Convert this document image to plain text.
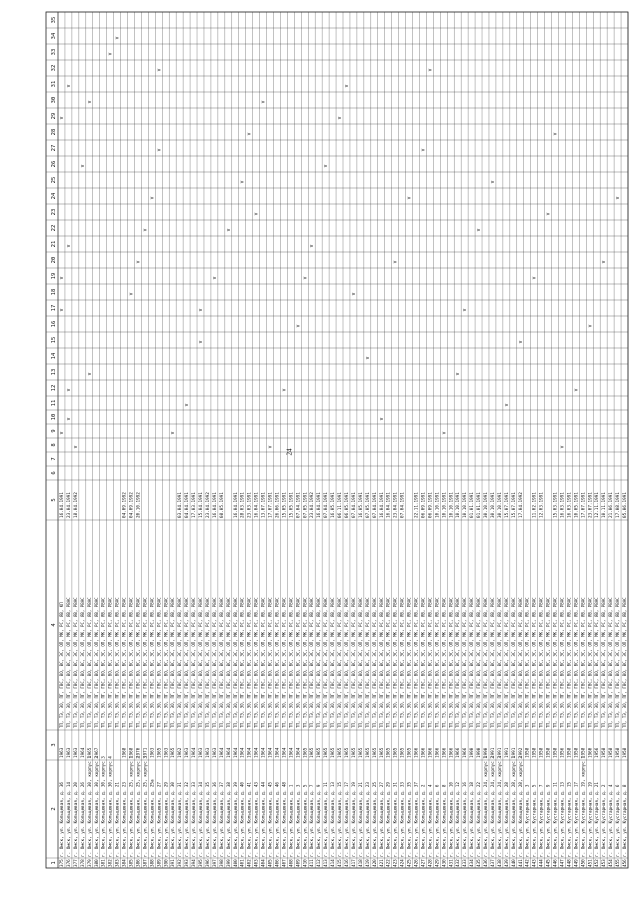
24
35
34
33
32
31
30
29
28
27
26
25
24
23
22
21
20
19
18
17
16
15
14
13
12
11
10
9
8
7
6
5
4
3
2
1 375
г. Омск, ул. Кольцевая, д. 3б
1963
ТП, ТЭ, ЭО, ПГ, ГВС, ВО, ВС, ЭС, ОП, МК, РС, ЯВ, КП
16.04.1991
376
г. Омск, ул. Кольцевая, д. 14
1963
ТП, ТЭ, ЭО, ПГ, ГВС, ВО, ВС, ЭС, ОП, МК, РС, ЯВ, РВАС
23.04.1991
377
г. Омск, ул. Кольцевая, д. 20
1963
ТП, ТЭ, ЭО, ПГ, ГВС, ВО, ВС, ЭС, ОП, МК, РС, ЯВ, РВАС
18.04.1992
378
г. Омск, ул. Кольцевая, д. 26
1964
ТП, ТЭ, ЭО, ПГ, ГВС, ВО, ВС, ЭС, ОП, МК, РС, ЯВ, РВАС
379
г. Омск, ул. Кольцевая, д. 30, корпус 1
1965
ТП, ТЭ, ЭО, ПГ, ГВС, ВО, ВС, ЭС, ОП, МК, РС, ЯВ, РВАС
380
г. Омск, ул. Кольцевая, д. 30, корпус 2
1967
ТП, ТЭ, ЭО, ПГ, ГВС, ВО, ВС, ЭС, ОП, МК, РС, ЯВ, РВАС
381
г. Омск, ул. Кольцевая, д. 30, корпус 3
ТП, ТЭ, ЭО, ПГ, ГВС, ВО, ВС, ЭС, ОП, МК, РС, ЯВ, РВАС
382
г. Омск, ул. Кольцевая, д. 30, корпус 4
ТП, ТЭ, ЭО, ПГ, ГВС, ВО, ВС, ЭС, ОП, МК, РС, ЯВ, РВАС
383
г. Омск, ул. Кольцевая, д. 21
ТП, ТЭ, ЭО, ПГ, ГВС, ВО, ВС, ЭС, ОП, МК, РС, ЯВ, РВАС
384
г. Омск, ул. Кольцевая, д. 23
1968
ТП, ТЭ, ЭО, ПГ, ГВС, ВО, ВС, ЭС, ОП, МК, РС, ЯВ, РВАС
04.09.1992
385
г. Омск, ул. Кольцевая, д. 25, корпус 1
1968
ТП, ТЭ, ЭО, ПГ, ГВС, ВО, ВС, ЭС, ОП, МК, РС, ЯВ, РВАС
04.09.1992
386
г. Омск, ул. Кольцевая, д. 25, корпус 2
1970
ТП, ТЭ, ЭО, ПГ, ГВС, ВО, ВС, ЭС, ОП, МК, РС, ЯВ, РВАС
20.10.1992
387
г. Омск, ул. Кольцевая, д. 25, корпус 3
1971
ТП, ТЭ, ЭО, ПГ, ГВС, ВО, ВС, ЭС, ОП, МК, РС, ЯВ, РВАС
388
г. Омск, ул. Кольцевая, д. 25а
1963
ТП, ТЭ, ЭО, ПГ, ГВС, ВО, ВС, ЭС, ОП, МК, РС, ЯВ, РВАС
389
г. Омск, ул. Кольцевая, д. 27
1965
ТП, ТЭ, ЭО, ПГ, ГВС, ВО, ВС, ЭС, ОП, МК, РС, ЯВ, РВАС
390
г. Омск, ул. Кольцевая, д. 29
1963
ТП, ТЭ, ЭО, ПГ, ГВС, ВО, ВС, ЭС, ОП, МК, РС, ЯВ, РВАС
391
г. Омск, ул. Кольцевая, д. 30
1965
ТП, ТЭ, ЭО, ПГ, ГВС, ВО, ВС, ЭС, ОП, МК, РС, ЯВ, РВАС
392
г. Омск, ул. Кольцевая, д. 31
1962
ТП, ТЭ, ЭО, ПГ, ГВС, ВО, ВС, ЭС, ОП, МК, РС, ЯВ, РВАС
03.04.1991
393
г. Омск, ул. Кольцевая, д. 32
1963
ТП, ТЭ, ЭО, ПГ, ГВС, ВО, ВС, ЭС, ОП, МК, РС, ЯВ, РВАС
04.04.1991
394
г. Омск, ул. Кольцевая, д. 33
1964
ТП, ТЭ, ЭО, ПГ, ГВС, ВО, ВС, ЭС, ОП, МК, РС, ЯВ, РВАС
17.03.1991
395
г. Омск, ул. Кольцевая, д. 34
1963
ТП, ТЭ, ЭО, ПГ, ГВС, ВО, ВС, ЭС, ОП, МК, РС, ЯВ, РВАС
15.04.1991
396
г. Омск, ул. Кольцевая, д. 35
1963
ТП, ТЭ, ЭО, ПГ, ГВС, ВО, ВС, ЭС, ОП, МК, РС, ЯВ, РВАС
23.04.1992
397
г. Омск, ул. Кольцевая, д. 36
1963
ТП, ТЭ, ЭО, ПГ, ГВС, ВО, ВС, ЭС, ОП, МК, РС, ЯВ, РВАС
16.04.1991
398
г. Омск, ул. Кольцевая, д. 37
1964
ТП, ТЭ, ЭО, ПГ, ГВС, ВО, ВС, ЭС, ОП, МК, РС, ЯВ, РВАС
08.05.1991
399
г. Омск, ул. Кольцевая, д. 38
1964
ТП, ТЭ, ЭО, ПГ, ГВС, ВО, ВС, ЭС, ОП, МК, РС, ЯВ, РВАС
400
г. Омск, ул. Кольцевая, д. 39
1964
ТП, ТЭ, ЭО, ПГ, ГВС, ВО, ВС, ЭС, ОП, МК, РС, ЯВ, РВАС
16.04.1991
401
г. Омск, ул. Кольцевая, д. 40
1964
ТП, ТЭ, ЭО, ПГ, ГВС, ВО, ВС, ЭС, ОП, МК, РС, ЯВ, РВАС
28.03.1991
402
г. Омск, ул. Кольцевая, д. 41
1964
ТП, ТЭ, ЭО, ПГ, ГВС, ВО, ВС, ЭС, ОП, МК, РС, ЯВ, РВАС
23.03.1991
403
г. Омск, ул. Кольцевая, д. 43
1964
ТП, ТЭ, ЭО, ПГ, ГВС, ВО, ВС, ЭС, ОП, МК, РС, ЯВ, РВАС
16.04.1991
404
г. Омск, ул. Кольцевая, д. 44
1964
ТП, ТЭ, ЭО, ПГ, ГВС, ВО, ВС, ЭС, ОП, МК, РС, ЯВ, РВАС
13.07.1991
405
г. Омск, ул. Кольцевая, д. 45
1964
ТП, ТЭ, ЭО, ПГ, ГВС, ВО, ВС, ЭС, ОП, МК, РС, ЯВ, РВАС
17.07.1991
406
г. Омск, ул. Кольцевая, д. 46
1964
ТП, ТЭ, ЭО, ПГ, ГВС, ВО, ВС, ЭС, ОП, МК, РС, ЯВ, РВАС
26.06.1991
407
г. Омск, ул. Кольцевая, д. 48
1964
ТП, ТЭ, ЭО, ПГ, ГВС, ВО, ВС, ЭС, ОП, МК, РС, ЯВ, РВАС
15.05.1991
408
г. Омск, ул. Кольцевая, д. 1
1964
ТП, ТЭ, ЭО, ПГ, ГВС, ВО, ВС, ЭС, ОП, МК, РС, ЯВ, РВАС
15.05.1991
409
г. Омск, ул. Кольцевая, д. 3
1964
ТП, ТЭ, ЭО, ПГ, ГВС, ВО, ВС, ЭС, ОП, МК, РС, ЯВ, РВАС
07.04.1991
410
г. Омск, ул. Кольцевая, д. 5
1965
ТП, ТЭ, ЭО, ПГ, ГВС, ВО, ВС, ЭС, ОП, МК, РС, ЯВ, РВАС
07.05.1991
411
г. Омск, ул. Кольцевая, д. 7
1965
ТП, ТЭ, ЭО, ПГ, ГВС, ВО, ВС, ЭС, ОП, МК, РС, ЯВ, РВАС
23.04.1992
412
г. Омск, ул. Кольцевая, д. 9
1965
ТП, ТЭ, ЭО, ПГ, ГВС, ВО, ВС, ЭС, ОП, МК, РС, ЯВ, РВАС
16.04.1991
413
г. Омск, ул. Кольцевая, д. 11
1965
ТП, ТЭ, ЭО, ПГ, ГВС, ВО, ВС, ЭС, ОП, МК, РС, ЯВ, РВАС
07.04.1991
414
г. Омск, ул. Кольцевая, д. 13
1965
ТП, ТЭ, ЭО, ПГ, ГВС, ВО, ВС, ЭС, ОП, МК, РС, ЯВ, РВАС
16.05.1991
415
г. Омск, ул. Кольцевая, д. 15
1965
ТП, ТЭ, ЭО, ПГ, ГВС, ВО, ВС, ЭС, ОП, МК, РС, ЯВ, РВАС
06.11.1991
416
г. Омск, ул. Кольцевая, д. 17
1965
ТП, ТЭ, ЭО, ПГ, ГВС, ВО, ВС, ЭС, ОП, МК, РС, ЯВ, РВАС
06.05.1991
417
г. Омск, ул. Кольцевая, д. 19
1965
ТП, ТЭ, ЭО, ПГ, ГВС, ВО, ВС, ЭС, ОП, МК, РС, ЯВ, РВАС
07.04.1991
418
г. Омск, ул. Кольцевая, д. 21
1965
ТП, ТЭ, ЭО, ПГ, ГВС, ВО, ВС, ЭС, ОП, МК, РС, ЯВ, РВАС
16.05.1991
419
г. Омск, ул. Кольцевая, д. 23
1965
ТП, ТЭ, ЭО, ПГ, ГВС, ВО, ВС, ЭС, ОП, МК, РС, ЯВ, РВАС
07.05.1991
420
г. Омск, ул. Кольцевая, д. 25
1965
ТП, ТЭ, ЭО, ПГ, ГВС, ВО, ВС, ЭС, ОП, МК, РС, ЯВ, РВАС
07.04.1991
421
г. Омск, ул. Кольцевая, д. 27
1965
ТП, ТЭ, ЭО, ПГ, ГВС, ВО, ВС, ЭС, ОП, МК, РС, ЯВ, РВАС
16.04.1991
422
г. Омск, ул. Кольцевая, д. 29
1965
ТП, ТЭ, ЭО, ПГ, ГВС, ВО, ВС, ЭС, ОП, МК, РС, ЯВ, РВАС
16.04.1991
423
г. Омск, ул. Кольцевая, д. 31
1965
ТП, ТЭ, ЭО, ПГ, ГВС, ВО, ВС, ЭС, ОП, МК, РС, ЯВ, РВАС
23.04.1991
424
г. Омск, ул. Кольцевая, д. 33
1965
ТП, ТЭ, ЭО, ПГ, ГВС, ВО, ВС, ЭС, ОП, МК, РС, ЯВ, РВАС
07.04.1991
425
г. Омск, ул. Кольцевая, д. 35
1965
ТП, ТЭ, ЭО, ПГ, ГВС, ВО, ВС, ЭС, ОП, МК, РС, ЯВ, РВАС
426
г. Омск, ул. Кольцевая, д. 37
1966
ТП, ТЭ, ЭО, ПГ, ГВС, ВО, ВС, ЭС, ОП, МК, РС, ЯВ, РВАС
22.11.1991
427
г. Омск, ул. Кольцевая, д. 2
1966
ТП, ТЭ, ЭО, ПГ, ГВС, ВО, ВС, ЭС, ОП, МК, РС, ЯВ, РВАС
06.09.1991
428
г. Омск, ул. Кольцевая, д. 4
1966
ТП, ТЭ, ЭО, ПГ, ГВС, ВО, ВС, ЭС, ОП, МК, РС, ЯВ, РВАС
06.09.1991
429
г. Омск, ул. Кольцевая, д. 6
1966
ТП, ТЭ, ЭО, ПГ, ГВС, ВО, ВС, ЭС, ОП, МК, РС, ЯВ, РВАС
10.10.1991
430
г. Омск, ул. Кольцевая, д. 8
1966
ТП, ТЭ, ЭО, ПГ, ГВС, ВО, ВС, ЭС, ОП, МК, РС, ЯВ, РВАС
10.10.1991
431
г. Омск, ул. Кольцевая, д. 10
1966
ТП, ТЭ, ЭО, ПГ, ГВС, ВО, ВС, ЭС, ОП, МК, РС, ЯВ, РВАС
10.10.1991
432
г. Омск, ул. Кольцевая, д. 12
1966
ТП, ТЭ, ЭО, ПГ, ГВС, ВО, ВС, ЭС, ОП, МК, РС, ЯВ, РВАС
10.10.1991
433
г. Омск, ул. Кольцевая, д. 16
1966
ТП, ТЭ, ЭО, ПГ, ГВС, ВО, ВС, ЭС, ОП, МК, РС, ЯВ, РВАС
10.10.1991
434
г. Омск, ул. Кольцевая, д. 18
1990
ТП, ТЭ, ЭО, ПГ, ГВС, ВО, ВС, ЭС, ОП, МК, РС, ЯВ, РВАС
01.01.1991
435
г. Омск, ул. Кольцевая, д. 22
1990
ТП, ТЭ, ЭО, ПГ, ГВС, ВО, ВС, ЭС, ОП, МК, РС, ЯВ, РВАС
01.01.1991
436
г. Омск, ул. Кольцевая, д. 24, корпус 1
1990
ТП, ТЭ, ЭО, ПГ, ГВС, ВО, ВС, ЭС, ОП, МК, РС, ЯВ, РВАС
30.10.1991
437
г. Омск, ул. Кольцевая, д. 24, корпус 2
1991
ТП, ТЭ, ЭО, ПГ, ГВС, ВО, ВС, ЭС, ОП, МК, РС, ЯВ, РВАС
30.10.1991
438
г. Омск, ул. Кольцевая, д. 24, корпус 3
1991
ТП, ТЭ, ЭО, ПГ, ГВС, ВО, ВС, ЭС, ОП, МК, РС, ЯВ, РВАС
30.10.1991
439
г. Омск, ул. Кольцевая, д. 28
1991
ТП, ТЭ, ЭО, ПГ, ГВС, ВО, ВС, ЭС, ОП, МК, РС, ЯВ, РВАС
15.07.1991
440
г. Омск, ул. Кольцевая, д. 28, корпус 1
1991
ТП, ТЭ, ЭО, ПГ, ГВС, ВО, ВС, ЭС, ОП, МК, РС, ЯВ, РВАС
15.07.1991
441
г. Омск, ул. Кольцевая, д. 28, корпус 2
1992
ТП, ТЭ, ЭО, ПГ, ГВС, ВО, ВС, ЭС, ОП, МК, РС, ЯВ, РВАС
17.04.1992
442
г. Омск, ул. Кустарная, д. 3
1958
ТП, ТЭ, ЭО, ПГ, ГВС, ВО, ВС, ЭС, ОП, МК, РС, ЯВ, РВАС
443
г. Омск, ул. Кустарная, д. 5
1958
ТП, ТЭ, ЭО, ПГ, ГВС, ВО, ВС, ЭС, ОП, МК, РС, ЯВ, РВАС
11.02.1991
444
г. Омск, ул. Кустарная, д. 7
1958
ТП, ТЭ, ЭО, ПГ, ГВС, ВО, ВС, ЭС, ОП, МК, РС, ЯВ, РВАС
12.03.1991
445
г. Омск, ул. Кустарная, д. 9
1958
ТП, ТЭ, ЭО, ПГ, ГВС, ВО, ВС, ЭС, ОП, МК, РС, ЯВ, РВАС
446
г. Омск, ул. Кустарная, д. 11
1958
ТП, ТЭ, ЭО, ПГ, ГВС, ВО, ВС, ЭС, ОП, МК, РС, ЯВ, РВАС
15.03.1991
447
г. Омск, ул. Кустарная, д. 13
1956
ТП, ТЭ, ЭО, ПГ, ГВС, ВО, ВС, ЭС, ОП, МК, РС, ЯВ, РВАС
16.03.1991
448
г. Омск, ул. Кустарная, д. 15
1958
ТП, ТЭ, ЭО, ПГ, ГВС, ВО, ВС, ЭС, ОП, МК, РС, ЯВ, РВАС
16.03.1991
449
г. Омск, ул. Кустарная, д. 17
1958
ТП, ТЭ, ЭО, ПГ, ГВС, ВО, ВС, ЭС, ОП, МК, РС, ЯВ, РВАС
10.05.1991
450
г. Омск, ул. Кустарная, д. 19, корпус 1
1958
ТП, ТЭ, ЭО, ПГ, ГВС, ВО, ВС, ЭС, ОП, МК, РС, ЯВ, РВАС
17.07.1991
451
г. Омск, ул. Кустарная, д. 19
1960
ТП, ТЭ, ЭО, ПГ, ГВС, ВО, ВС, ЭС, ОП, МК, РС, ЯВ, РВАС
23.07.1991
452
г. Омск, ул. Кустарная, д. 21
1956
ТП, ТЭ, ЭО, ПГ, ГВС, ВО, ВС, ЭС, ОП, МК, РС, ЯВ, РВАС
12.11.1991
453
г. Омск, ул. Кустарная, д. 2
1958
ТП, ТЭ, ЭО, ПГ, ГВС, ВО, ВС, ЭС, ОП, МК, РС, ЯВ, РВАС
10.11.1991
454
г. Омск, ул. Кустарная, д. 4
1958
ТП, ТЭ, ЭО, ПГ, ГВС, ВО, ВС, ЭС, ОП, МК, РС, ЯВ, РВАС
21.06.1991
455
г. Омск, ул. Кустарная, д. 6
1958
ТП, ТЭ, ЭО, ПГ, ГВС, ВО, ВС, ЭС, ОП, МК, РС, ЯВ, РВАС
17.08.1991
456
г. Омск, ул. Кустарная, д. 8
1958
ТП, ТЭ, ЭО, ПГ, ГВС, ВО, ВС, ЭС, ОП, МК, РС, ЯВ, РВАС
05.06.1991
v
v
v
v
v
v
v
v
v
v
v
v
v
v
v
v
v
v
v
v
v
v
v
v
v
v
v
v
v
v
v
v
v
v
v
v
v
v
v
v
v
v
v
v
v
v
v
v
v
v
v
v
v
v
v
v
v
v
v
v
